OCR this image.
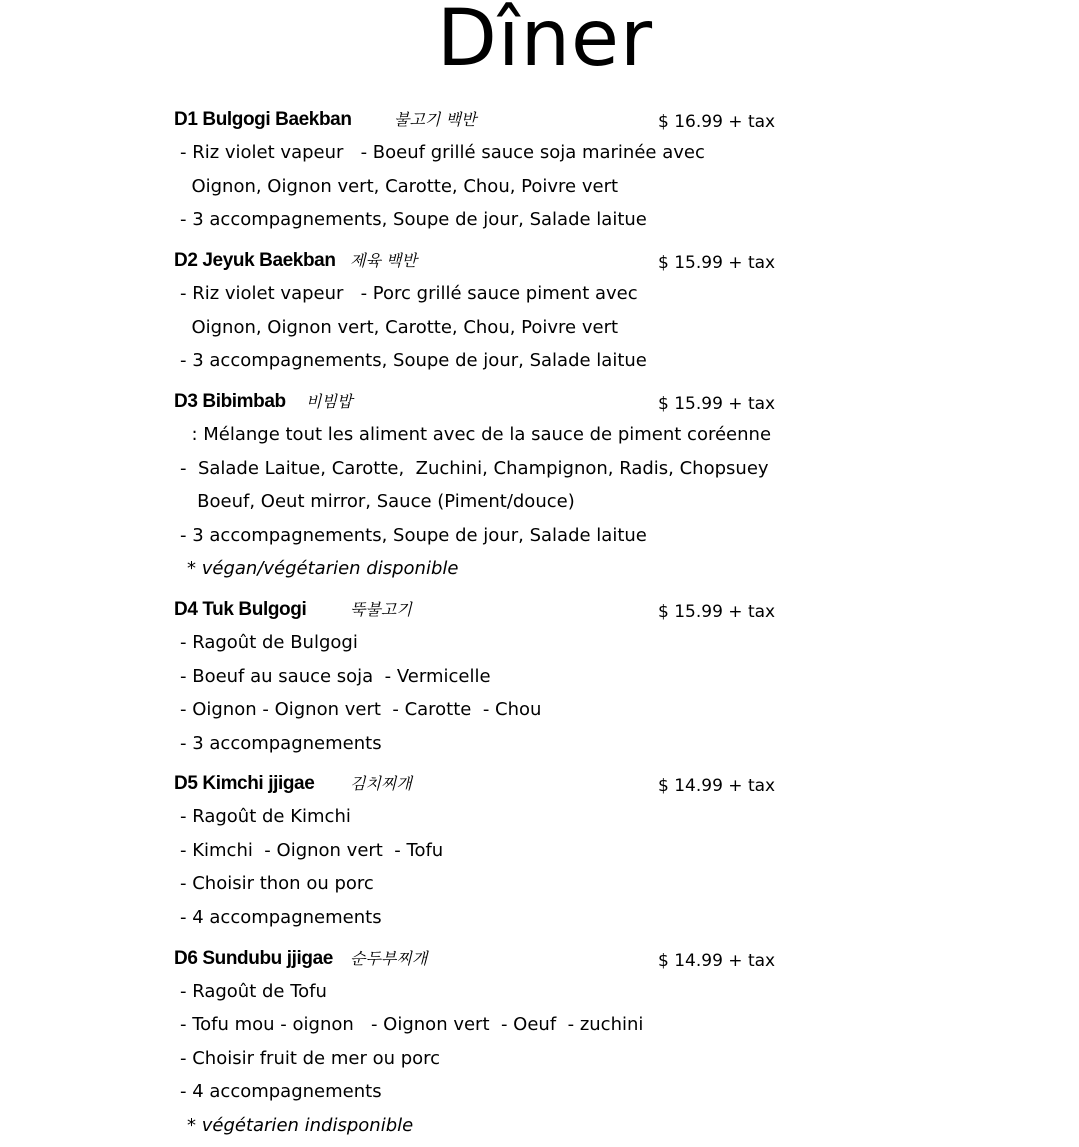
Dîner
D1 Bulgogi Baekban	불고기 백반	$ 16.99 + tax
- Riz violet vapeur   - Boeuf grillé sauce soja marinée avec
Oignon, Oignon vert, Carotte, Chou, Poivre vert
- 3 accompagnements, Soupe de jour, Salade laitue
D2 Jeyuk Baekban 제육 백반	$ 15.99 + tax
- Riz violet vapeur   - Porc grillé sauce piment avec
Oignon, Oignon vert, Carotte, Chou, Poivre vert
- 3 accompagnements, Soupe de jour, Salade laitue
D3 Bibimbab 비빔밥	$ 15.99 + tax
: Mélange tout les aliment avec de la sauce de piment coréenne
-  Salade Laitue, Carotte,  Zuchini, Champignon, Radis, Chopsuey
Boeuf, Oeut mirror, Sauce (Piment/douce)
- 3 accompagnements, Soupe de jour, Salade laitue
* végan/végétarien disponible
D4 Tuk Bulgogi	뚝불고기	$ 15.99 + tax
- Ragoût de Bulgogi
- Boeuf au sauce soja  - Vermicelle
- Oignon - Oignon vert  - Carotte  - Chou
- 3 accompagnements
D5 Kimchi jjigae 김치찌개	$ 14.99 + tax
- Ragoût de Kimchi
- Kimchi  - Oignon vert  - Tofu
- Choisir thon ou porc
- 4 accompagnements
D6 Sundubu jjigae 순두부찌개	$ 14.99 + tax
- Ragoût de Tofu
- Tofu mou - oignon   - Oignon vert  - Oeuf  - zuchini
- Choisir fruit de mer ou porc
- 4 accompagnements
* végétarien indisponible
